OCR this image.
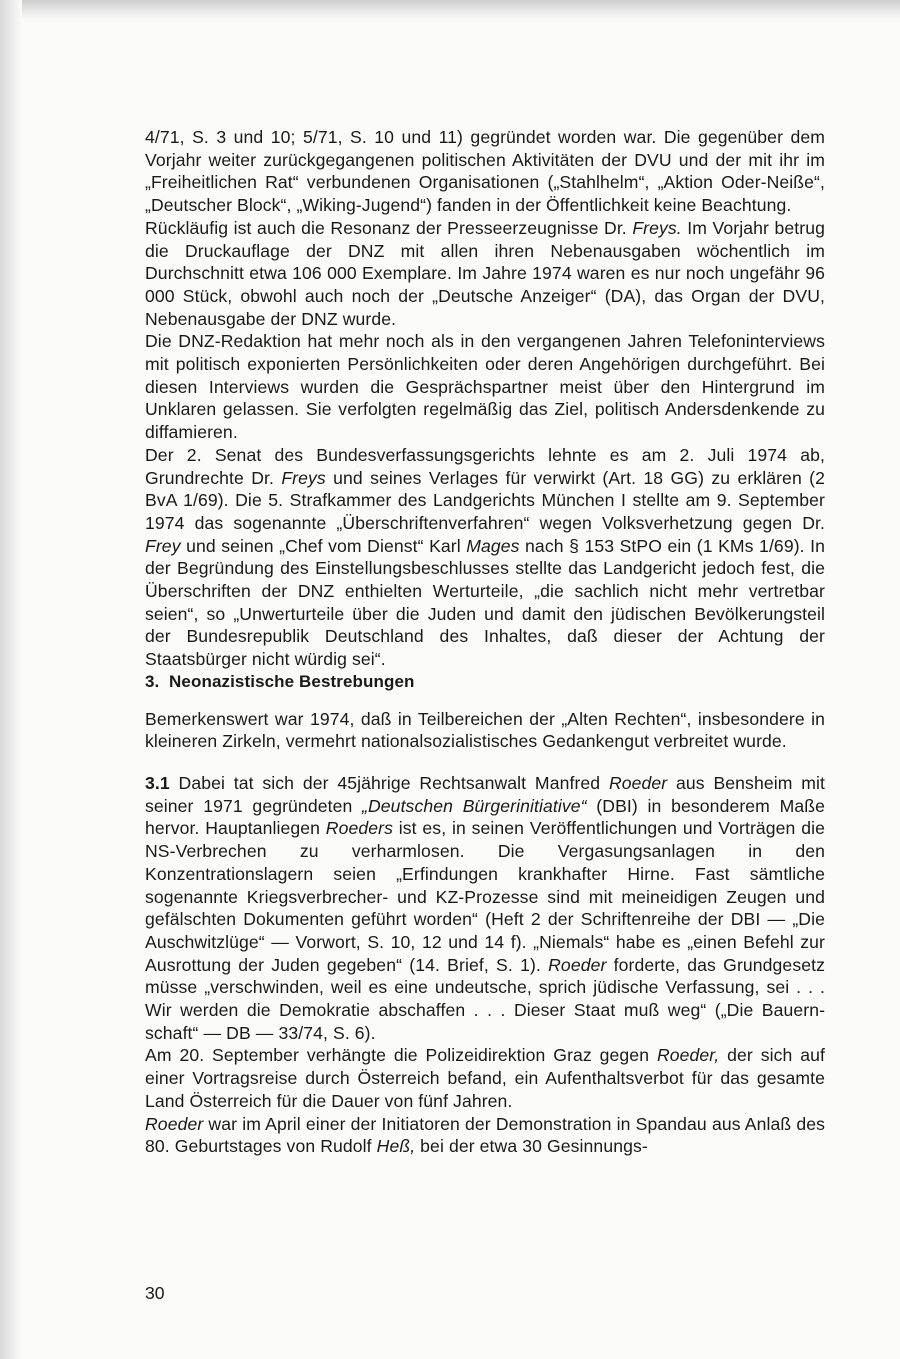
4/71, S. 3 und 10; 5/71, S. 10 und 11) gegründet worden war. Die gegenüber dem Vorjahr weiter zurückgegangenen politischen Aktivitäten der DVU und der mit ihr im „Freiheitlichen Rat“ verbundenen Organisationen („Stahlhelm“, „Aktion Oder-Neiße“, „Deutscher Block“, „Wiking-Jugend“) fanden in der Öffentlichkeit keine Beachtung.

Rückläufig ist auch die Resonanz der Presseerzeugnisse Dr. Freys. Im Vorjahr betrug die Druckauflage der DNZ mit allen ihren Nebenausgaben wöchentlich im Durchschnitt etwa 106 000 Exemplare. Im Jahre 1974 waren es nur noch ungefähr 96 000 Stück, obwohl auch noch der „Deutsche Anzeiger“ (DA), das Organ der DVU, Nebenausgabe der DNZ wurde.

Die DNZ-Redaktion hat mehr noch als in den vergangenen Jahren Telefoninterviews mit politisch exponierten Persönlichkeiten oder deren Angehörigen durchgeführt. Bei diesen Interviews wurden die Gesprächspartner meist über den Hintergrund im Unklaren gelassen. Sie verfolgten regelmäßig das Ziel, politisch Andersdenkende zu diffamieren.

Der 2. Senat des Bundesverfassungsgerichts lehnte es am 2. Juli 1974 ab, Grundrechte Dr. Freys und seines Verlages für verwirkt (Art. 18 GG) zu erklären (2 BvA 1/69). Die 5. Strafkammer des Landgerichts München I stellte am 9. September 1974 das sogenannte „Überschriftenverfahren“ wegen Volksverhetzung gegen Dr. Frey und seinen „Chef vom Dienst“ Karl Mages nach § 153 StPO ein (1 KMs 1/69). In der Begründung des Einstellungsbeschlusses stellte das Landgericht jedoch fest, die Überschriften der DNZ enthielten Werturteile, „die sachlich nicht mehr vertretbar seien“, so „Unwerturteile über die Juden und damit den jüdischen Bevölkerungsteil der Bundesrepublik Deutschland des Inhaltes, daß dieser der Achtung der Staatsbürger nicht würdig sei“.

3. Neonazistische Bestrebungen

Bemerkenswert war 1974, daß in Teilbereichen der „Alten Rechten“, insbesondere in kleineren Zirkeln, vermehrt nationalsozialistisches Gedankengut verbreitet wurde.

3.1 Dabei tat sich der 45jährige Rechtsanwalt Manfred Roeder aus Bensheim mit seiner 1971 gegründeten „Deutschen Bürgerinitiative“ (DBI) in besonderem Maße hervor. Hauptanliegen Roeders ist es, in seinen Veröffentlichungen und Vorträgen die NS-Verbrechen zu verharmlosen. Die Vergasungsanlagen in den Konzentrationslagern seien „Erfindungen krankhafter Hirne. Fast sämtliche sogenannte Kriegsverbrecher- und KZ-Prozesse sind mit meineidigen Zeugen und gefälschten Dokumenten geführt worden“ (Heft 2 der Schriftenreihe der DBI — „Die Auschwitzlüge“ — Vorwort, S. 10, 12 und 14 f). „Niemals“ habe es „einen Befehl zur Ausrottung der Juden gegeben“ (14. Brief, S. 1). Roeder forderte, das Grundgesetz müsse „verschwinden, weil es eine undeutsche, sprich jüdische Verfassung, sei . . . Wir werden die Demokratie abschaffen . . . Dieser Staat muß weg“ („Die Bauernschaft“ — DB — 33/74, S. 6).

Am 20. September verhängte die Polizeidirektion Graz gegen Roeder, der sich auf einer Vortragsreise durch Österreich befand, ein Aufenthaltsverbot für das gesamte Land Österreich für die Dauer von fünf Jahren.

Roeder war im April einer der Initiatoren der Demonstration in Spandau aus Anlaß des 80. Geburtstages von Rudolf Heß, bei der etwa 30 Gesinnungs-

30
